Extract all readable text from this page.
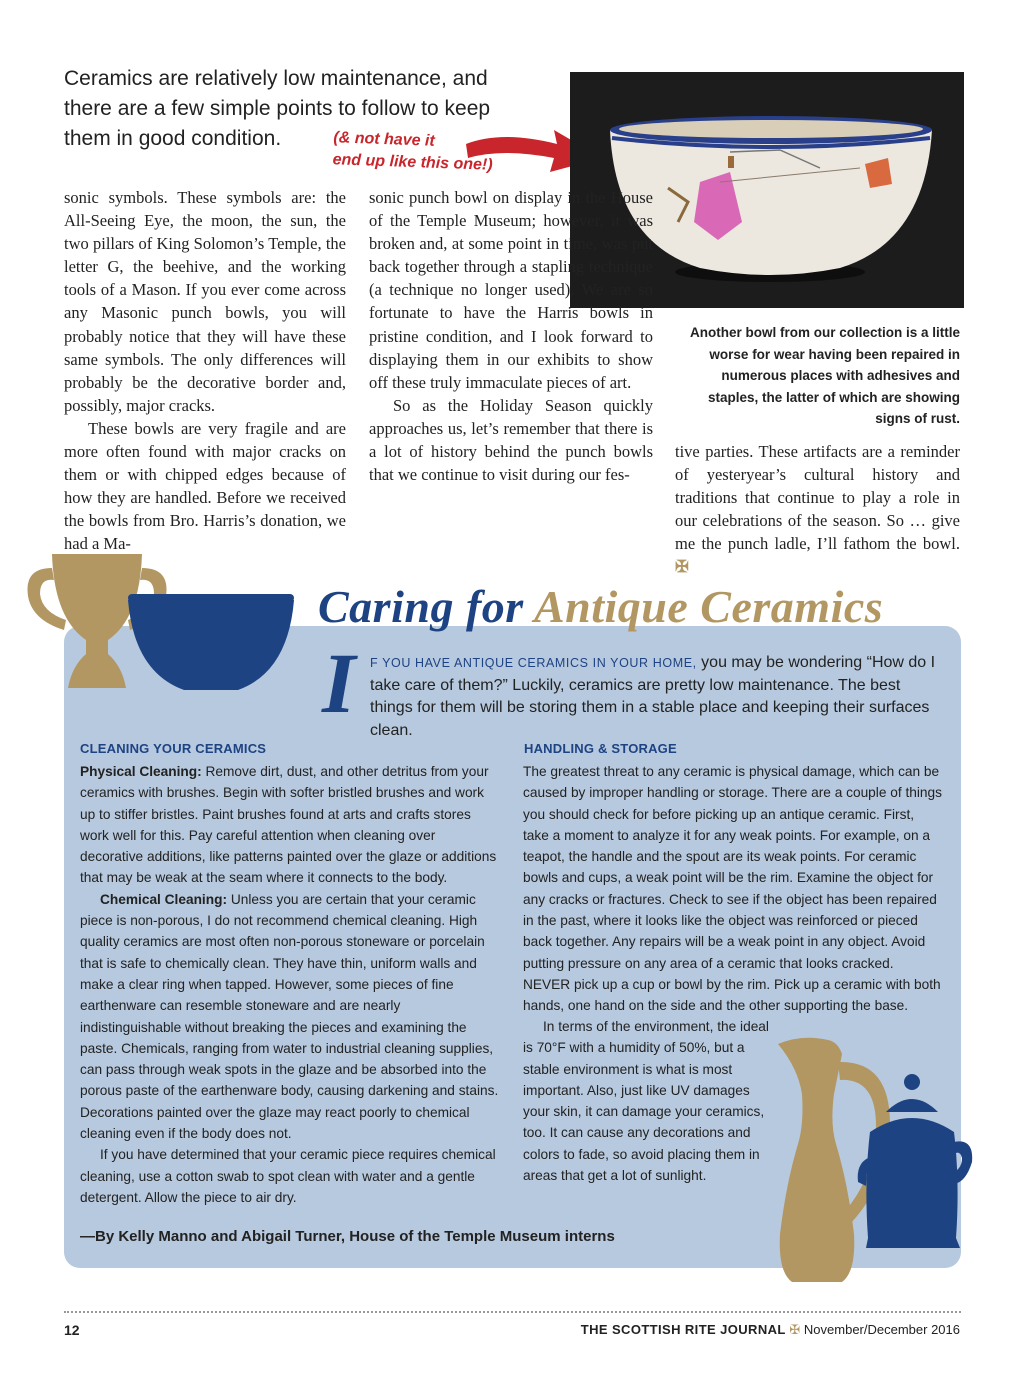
Ceramics are relatively low maintenance, and there are a few simple points to follow to keep them in good condition.	(& not have it
end up like this one!)
Another bowl from our collection is a little worse for wear having been repaired in numerous places with adhesives and staples, the latter of which are showing signs of rust.

sonic symbols. These symbols are: the All-Seeing Eye, the moon, the sun, the two pillars of King Solomon’s Temple, the letter G, the beehive, and the working tools of a Mason. If you ever come across any Masonic punch bowls, you will probably notice that they will have these same symbols. The only differences will probably be the decorative border and, possibly, major cracks.

These bowls are very fragile and are more often found with major cracks on them or with chipped edges because of how they are handled. Before we received the bowls from Bro. Harris’s donation, we had a Ma-

sonic punch bowl on display in the House of the Temple Museum; however, it was broken and, at some point in time, was put back together through a stapling technique (a technique no longer used). We are so fortunate to have the Harris bowls in pristine condition, and I look forward to displaying them in our exhibits to show off these truly immaculate pieces of art.

So as the Holiday Season quickly approaches us, let’s remember that there is a lot of history behind the punch bowls that we continue to visit during our fes-

tive parties. These artifacts are a reminder of yesteryear’s cultural history and traditions that continue to play a role in our celebrations of the season. So … give me the punch ladle, I’ll fathom the bowl. ✠

Caring for Antique Ceramics
I F YOU HAVE ANTIQUE CERAMICS IN YOUR HOME, you may be wondering “How do I take care of them?” Luckily, ceramics are pretty low maintenance. The best things for them will be storing them in a stable place and keeping their surfaces clean.
CLEANING YOUR CERAMICS

Physical Cleaning: Remove dirt, dust, and other detritus from your ceramics with brushes. Begin with softer bristled brushes and work up to stiffer bristles. Paint brushes found at arts and crafts stores work well for this. Pay careful attention when cleaning over decorative additions, like patterns painted over the glaze or additions that may be weak at the seam where it connects to the body.

Chemical Cleaning: Unless you are certain that your ceramic piece is non-porous, I do not recommend chemical cleaning. High quality ceramics are most often non-porous stoneware or porcelain that is safe to chemically clean. They have thin, uniform walls and make a clear ring when tapped. However, some pieces of fine earthenware can resemble stoneware and are nearly indistinguishable without breaking the pieces and examining the paste. Chemicals, ranging from water to industrial cleaning supplies, can pass through weak spots in the glaze and be absorbed into the porous paste of the earthenware body, causing darkening and stains. Decorations painted over the glaze may react poorly to chemical cleaning even if the body does not.

If you have determined that your ceramic piece requires chemical cleaning, use a cotton swab to spot clean with water and a gentle detergent. Allow the piece to air dry.

HANDLING & STORAGE

The greatest threat to any ceramic is physical damage, which can be caused by improper handling or storage. There are a couple of things you should check for before picking up an antique ceramic. First, take a moment to analyze it for any weak points. For example, on a teapot, the handle and the spout are its weak points. For ceramic bowls and cups, a weak point will be the rim. Examine the object for any cracks or fractures. Check to see if the object has been repaired in the past, where it looks like the object was reinforced or pieced back together. Any repairs will be a weak point in any object. Avoid putting pressure on any area of a ceramic that looks cracked. NEVER pick up a cup or bowl by the rim. Pick up a ceramic with both hands, one hand on the side and the other supporting the base.

In terms of the environment, the ideal is 70°F with a humidity of 50%, but a stable environment is what is most important. Also, just like UV damages your skin, it can damage your ceramics, too. It can cause any decorations and colors to fade, so avoid placing them in areas that get a lot of sunlight.

—By Kelly Manno and Abigail Turner, House of the Temple Museum interns
12	THE SCOTTISH RITE JOURNAL ✠ November/December 2016
